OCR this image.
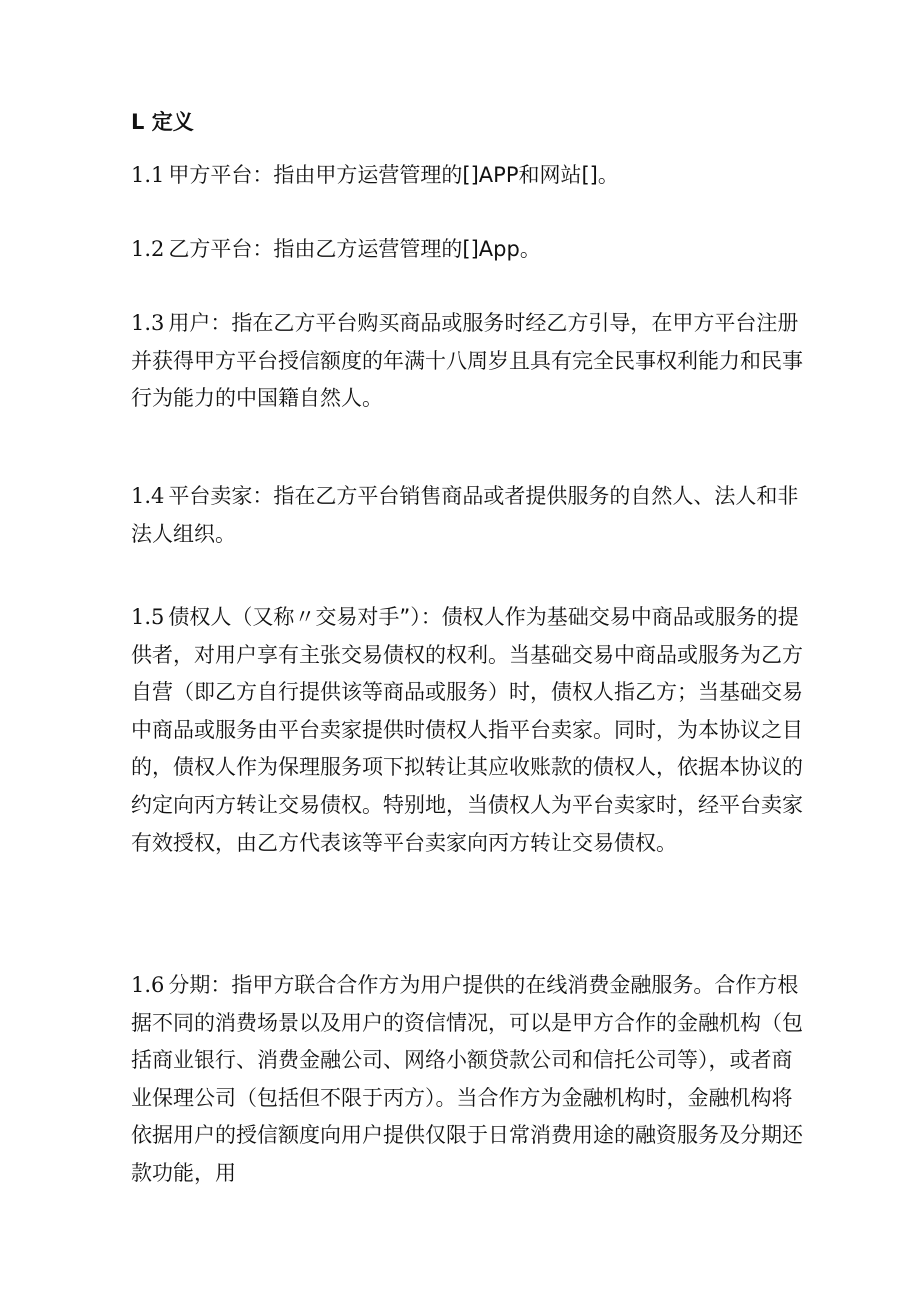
L 定义

1.1 甲方平台：指由甲方运营管理的[]APP和网站[]。

1.2 乙方平台：指由乙方运营管理的[]App。

1.3 用户：指在乙方平台购买商品或服务时经乙方引导，在甲方平台注册并获得甲方平台授信额度的年满十八周岁且具有完全民事权利能力和民事行为能力的中国籍自然人。

1.4 平台卖家：指在乙方平台销售商品或者提供服务的自然人、法人和非法人组织。

1.5 债权人（又称〃交易对手”）：债权人作为基础交易中商品或服务的提供者，对用户享有主张交易债权的权利。当基础交易中商品或服务为乙方自营（即乙方自行提供该等商品或服务）时，债权人指乙方；当基础交易中商品或服务由平台卖家提供时债权人指平台卖家。同时，为本协议之目的，债权人作为保理服务项下拟转让其应收账款的债权人，依据本协议的约定向丙方转让交易债权。特别地，当债权人为平台卖家时，经平台卖家有效授权，由乙方代表该等平台卖家向丙方转让交易债权。

1.6 分期：指甲方联合合作方为用户提供的在线消费金融服务。合作方根据不同的消费场景以及用户的资信情况，可以是甲方合作的金融机构（包括商业银行、消费金融公司、网络小额贷款公司和信托公司等），或者商业保理公司（包括但不限于丙方）。当合作方为金融机构时，金融机构将依据用户的授信额度向用户提供仅限于日常消费用途的融资服务及分期还款功能，用
